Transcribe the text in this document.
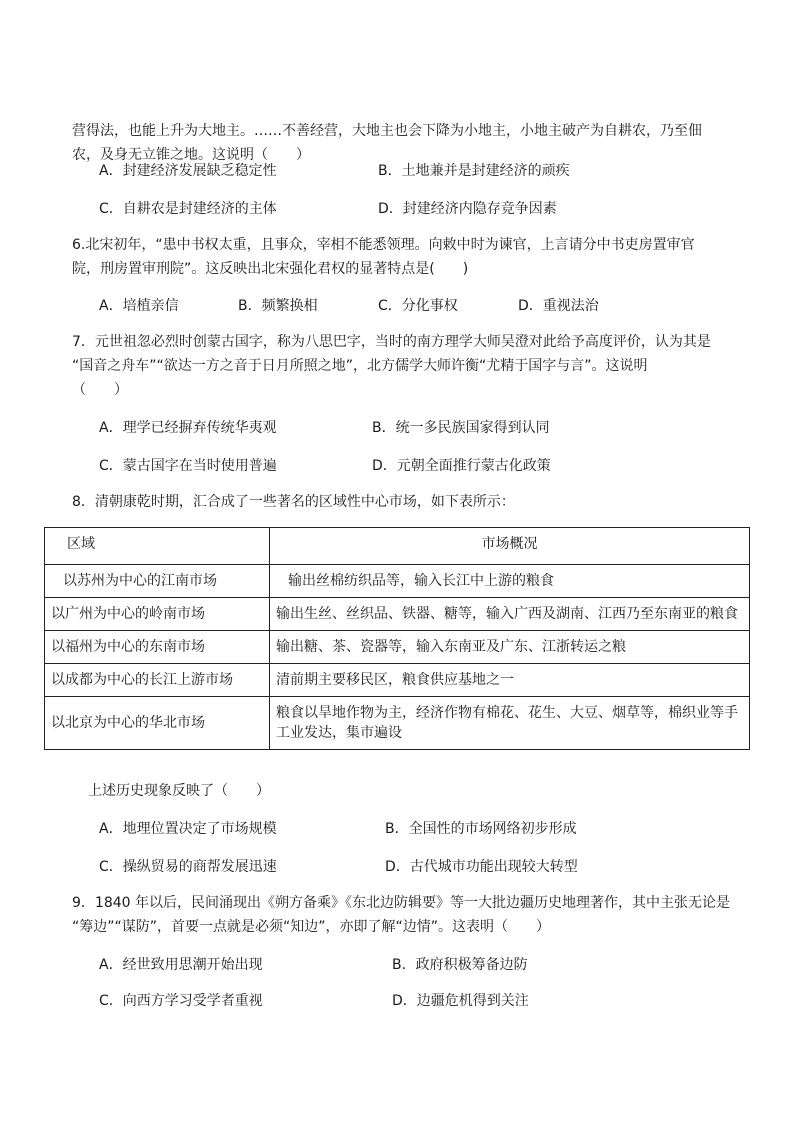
营得法，也能上升为大地主。……不善经营，大地主也会下降为小地主，小地主破产为自耕农，乃至佃
农，及身无立锥之地。这说明（　　）
A．封建经济发展缺乏稳定性	B．土地兼并是封建经济的顽疾
C．自耕农是封建经济的主体	D．封建经济内隐存竞争因素
6.北宋初年，“患中书权太重，且事众，宰相不能悉领理。向敕中时为谏官，上言请分中书吏房置审官
院，刑房置审刑院”。这反映出北宋强化君权的显著特点是(　　)
A．培植亲信	B．频繁换相	C．分化事权	D．重视法治
7．元世祖忽必烈时创蒙古国字，称为八思巴字，当时的南方理学大师吴澄对此给予高度评价，认为其是
“国音之舟车”“欲达一方之音于日月所照之地”，北方儒学大师许衡“尤精于国字与言”。这说明
（　　）
A．理学已经摒弃传统华夷观	B．统一多民族国家得到认同
C．蒙古国字在当时使用普遍	D．元朝全面推行蒙古化政策
8．清朝康乾时期，汇合成了一些著名的区域性中心市场，如下表所示：
区域	市场概况
以苏州为中心的江南市场	输出丝棉纺织品等，输入长江中上游的粮食
以广州为中心的岭南市场	输出生丝、丝织品、铁器、糖等，输入广西及湖南、江西乃至东南亚的粮食
以福州为中心的东南市场	输出糖、茶、瓷器等，输入东南亚及广东、江浙转运之粮
以成都为中心的长江上游市场	清前期主要移民区，粮食供应基地之一
以北京为中心的华北市场	粮食以旱地作物为主，经济作物有棉花、花生、大豆、烟草等，棉织业等手工业发达，集市遍设
上述历史现象反映了（　　）
A．地理位置决定了市场规模	B．全国性的市场网络初步形成
C．操纵贸易的商帮发展迅速	D．古代城市功能出现较大转型
9．1840 年以后，民间涌现出《朔方备乘》《东北边防辑要》等一大批边疆历史地理著作，其中主张无论是
“筹边”“谋防”，首要一点就是必须“知边”，亦即了解“边情”。这表明（　　）
A．经世致用思潮开始出现	B．政府积极筹备边防
C．向西方学习受学者重视	D．边疆危机得到关注
